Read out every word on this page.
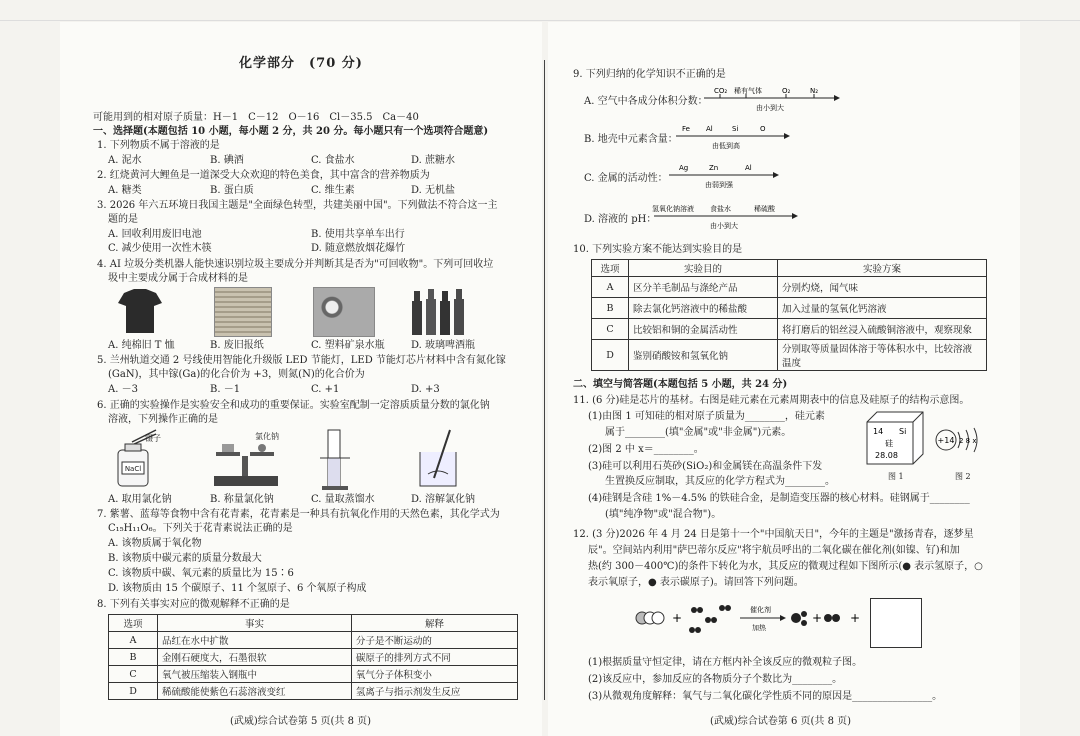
化学部分　(70 分)
可能用到的相对原子质量：H－1　C－12　O－16　Cl－35.5　Ca－40
一、选择题(本题包括 10 小题，每小题 2 分，共 20 分。每小题只有一个选项符合题意)
1. 下列物质不属于溶液的是
A. 泥水	B. 碘酒	C. 食盐水	D. 蔗糖水
2. 红烧黄河大鲤鱼是一道深受大众欢迎的特色美食，其中富含的营养物质为
A. 糖类	B. 蛋白质	C. 维生素	D. 无机盐
3. 2026 年六五环境日我国主题是"全面绿色转型，共建美丽中国"。下列做法不符合这一主
题的是
A. 回收利用废旧电池	B. 使用共享单车出行
C. 减少使用一次性木筷	D. 随意燃放烟花爆竹
4. AI 垃圾分类机器人能快速识别垃圾主要成分并判断其是否为"可回收物"。下列可回收垃
圾中主要成分属于合成材料的是
A. 纯棉旧 T 恤	B. 废旧报纸	C. 塑料矿泉水瓶	D. 玻璃啤酒瓶
5. 兰州轨道交通 2 号线使用智能化升级版 LED 节能灯，LED 节能灯芯片材料中含有氮化镓
(GaN)，其中镓(Ga)的化合价为 +3，则氮(N)的化合价为
A. －3	B. －1	C. +1	D. +3
6. 正确的实验操作是实验安全和成功的重要保证。实验室配制一定溶质质量分数的氯化钠
溶液，下列操作正确的是
NaCl
镊子	氯化钠
A. 取用氯化钠	B. 称量氯化钠	C. 量取蒸馏水	D. 溶解氯化钠
7. 紫薯、蓝莓等食物中含有花青素，花青素是一种具有抗氧化作用的天然色素，其化学式为
C₁₅H₁₁O₆。下列关于花青素说法正确的是
A. 该物质属于氧化物
B. 该物质中碳元素的质量分数最大
C. 该物质中碳、氧元素的质量比为 15∶6
D. 该物质由 15 个碳原子、11 个氢原子、6 个氧原子构成
8. 下列有关事实对应的微观解释不正确的是
选项	事实	解释
A	品红在水中扩散	分子是不断运动的
B	金刚石硬度大，石墨很软	碳原子的排列方式不同
C	氧气被压缩装入钢瓶中	氧气分子体积变小
D	稀硫酸能使紫色石蕊溶液变红	氢离子与指示剂发生反应
(武威)综合试卷第 5 页(共 8 页)
9. 下列归纳的化学知识不正确的是
A. 空气中各成分体积分数：
CO₂ 稀有气体	O₂	N₂
由小到大
B. 地壳中元素含量：
Fe Al	Si	O
由低到高
C. 金属的活动性：
Ag	Zn	Al
由弱到强
D. 溶液的 pH：
氢氧化钠溶液 食盐水	稀硫酸
由小到大
10. 下列实验方案不能达到实验目的是
选项	实验目的	实验方案
A	区分羊毛制品与涤纶产品	分别灼烧，闻气味
B	除去氯化钙溶液中的稀盐酸	加入过量的氢氧化钙溶液
C	比较铝和铜的金属活动性	将打磨后的铝丝浸入硫酸铜溶液中，观察现象
D	鉴别硝酸铵和氢氧化钠	分别取等质量固体溶于等体积水中，比较溶液
温度
二、填空与简答题(本题包括 5 小题，共 24 分)
11. (6 分)硅是芯片的基材。右图是硅元素在元素周期表中的信息及硅原子的结构示意图。
(1)由图 1 可知硅的相对原子质量为________，硅元素
属于________(填"金属"或"非金属")元素。
(2)图 2 中 x＝________。
(3)硅可以利用石英砂(SiO₂)和金属镁在高温条件下发
生置换反应制取，其反应的化学方程式为________。
(4)硅钢是含硅 1%－4.5% 的铁硅合金，是制造变压器的核心材料。硅钢属于________
(填"纯净物"或"混合物")。
14 Si
硅
28.08
图 1
+14 2 8 x
图 2
12. (3 分)2026 年 4 月 24 日是第十一个"中国航天日"，今年的主题是"激扬青春，逐梦星
辰"。空间站内利用"萨巴蒂尔反应"将宇航员呼出的二氧化碳在催化剂(如镍、钌)和加
热(约 300－400℃)的条件下转化为水，其反应的微观过程如下图所示(● 表示氢原子，○
表示氧原子，● 表示碳原子)。请回答下列问题。
+
催化剂
加热
+ +
(1)根据质量守恒定律，请在方框内补全该反应的微观粒子图。
(2)该反应中，参加反应的各物质分子个数比为________。
(3)从微观角度解释：氧气与二氧化碳化学性质不同的原因是________________。
(武威)综合试卷第 6 页(共 8 页)
